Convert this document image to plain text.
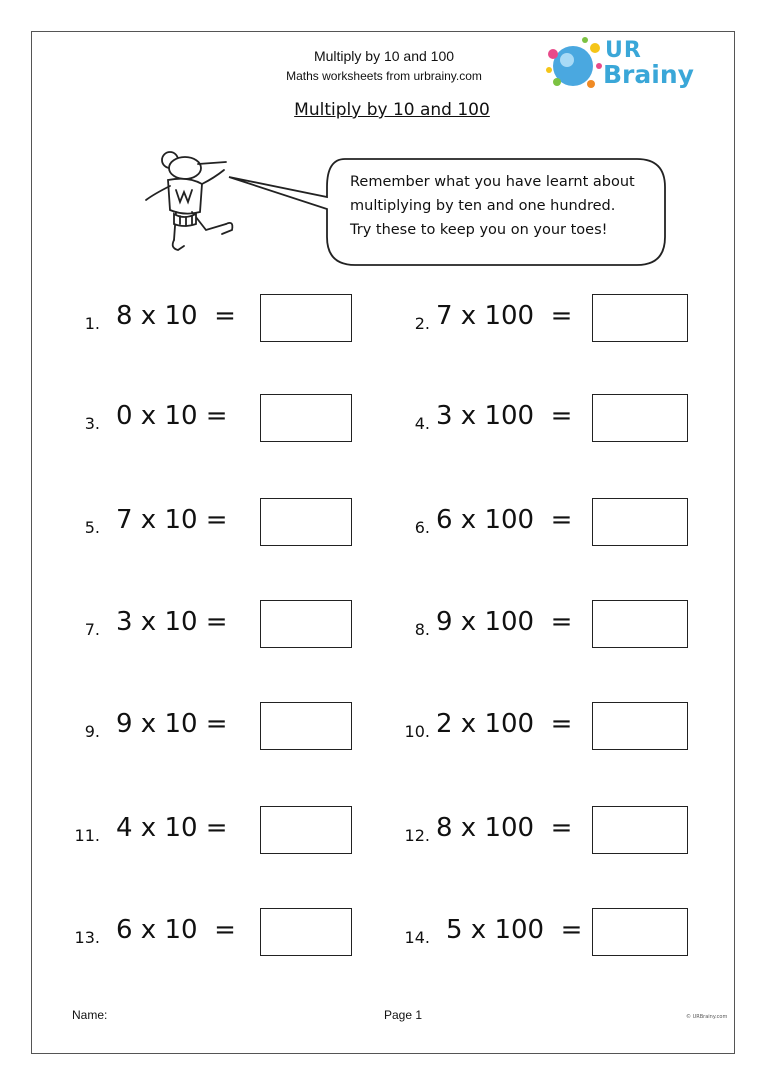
Multiply by 10 and 100
Maths worksheets from urbrainy.com
UR
Brainy
Multiply by 10 and 100
Remember what you have learnt about
multiplying by ten and one hundred.
Try these to keep you on your toes!
1. 8 x 10  =
3. 0 x 10 =
5. 7 x 10 =
7. 3 x 10 =
9. 9 x 10 =
11. 4 x 10 =
13. 6 x 10  =
2. 7 x 100  =
4. 3 x 100  =
6. 6 x 100  =
8. 9 x 100  =
10. 2 x 100  =
12. 8 x 100  =
14. 5 x 100  =
Name:	Page 1	© URBrainy.com
